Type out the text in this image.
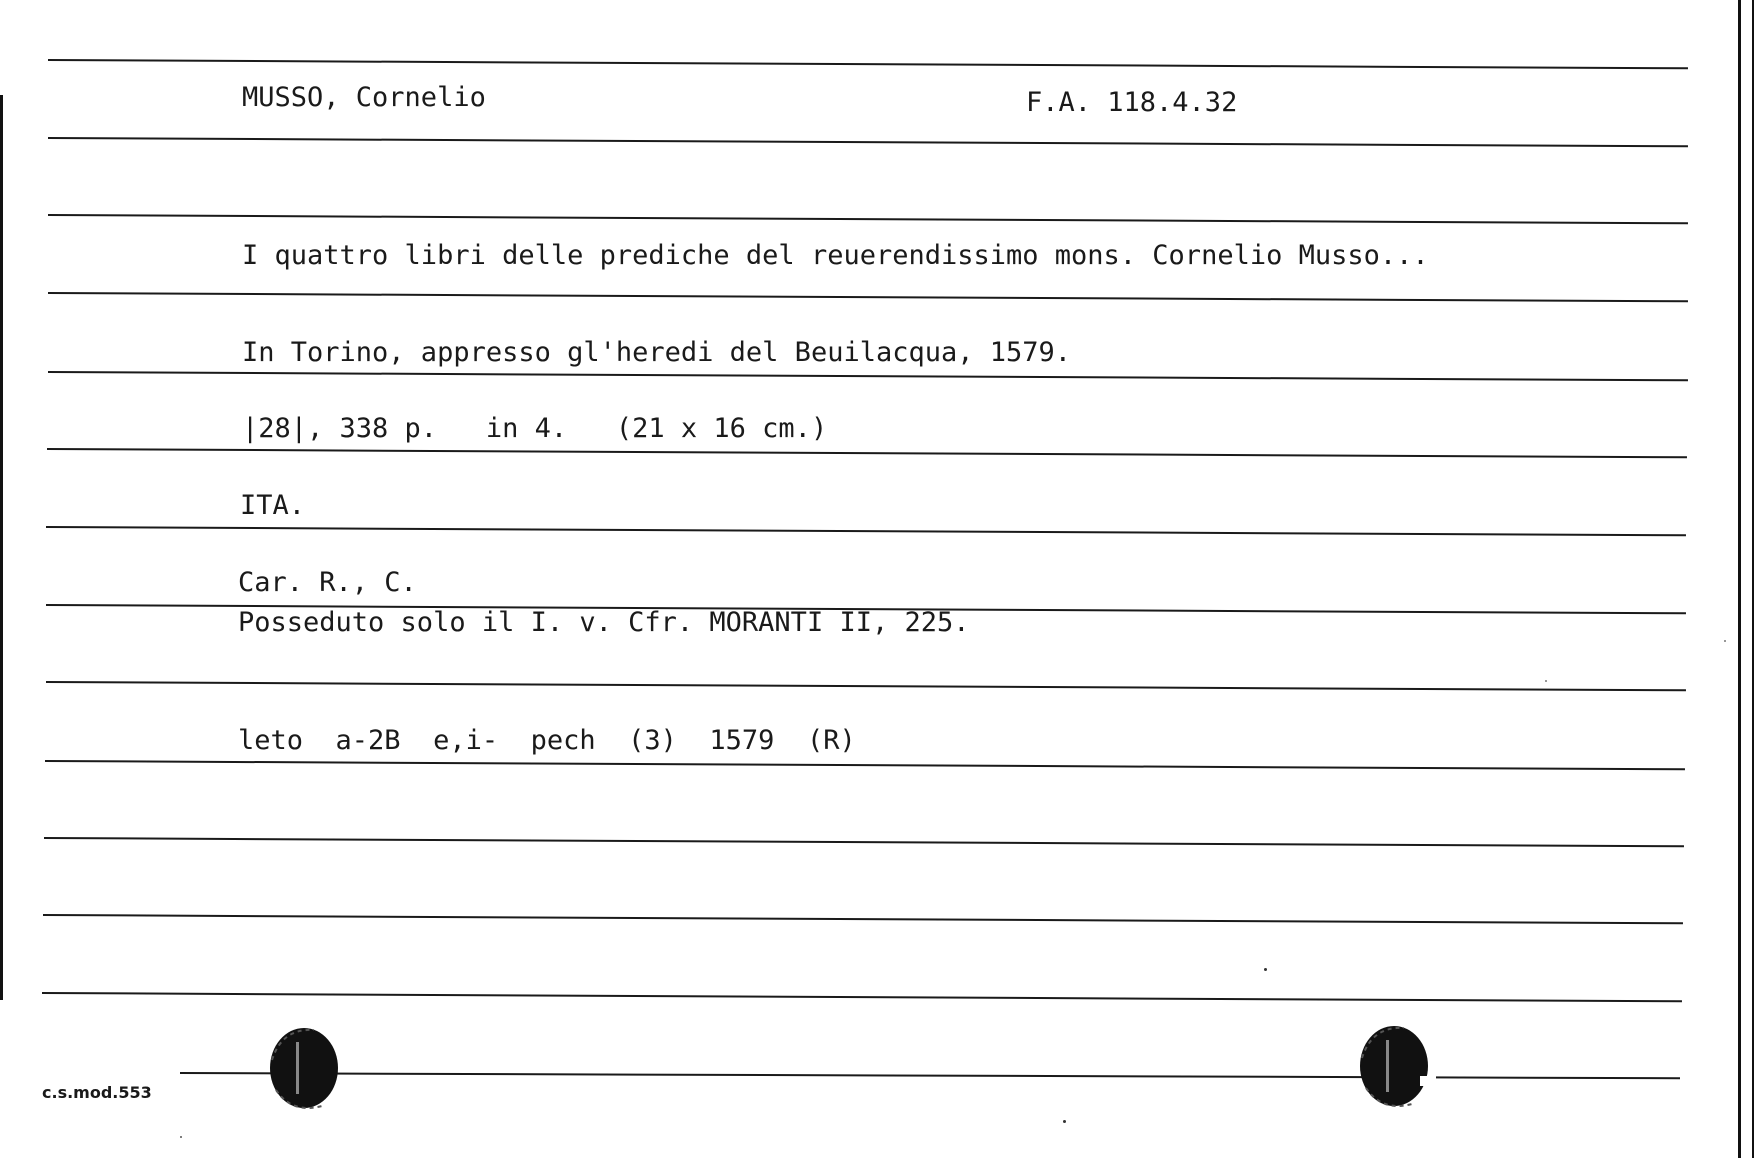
MUSSO, Cornelio	F.A. 118.4.32
I quattro libri delle prediche del reuerendissimo mons. Cornelio Musso...
In Torino, appresso gl'heredi del Beuilacqua, 1579.
|28|, 338 p.   in 4.   (21 x 16 cm.)
ITA.
Car. R., C.
Posseduto solo il I. v. Cfr. MORANTI II, 225.
leto  a-2B  e,i-  pech  (3)  1579  (R)
c.s.mod.553
